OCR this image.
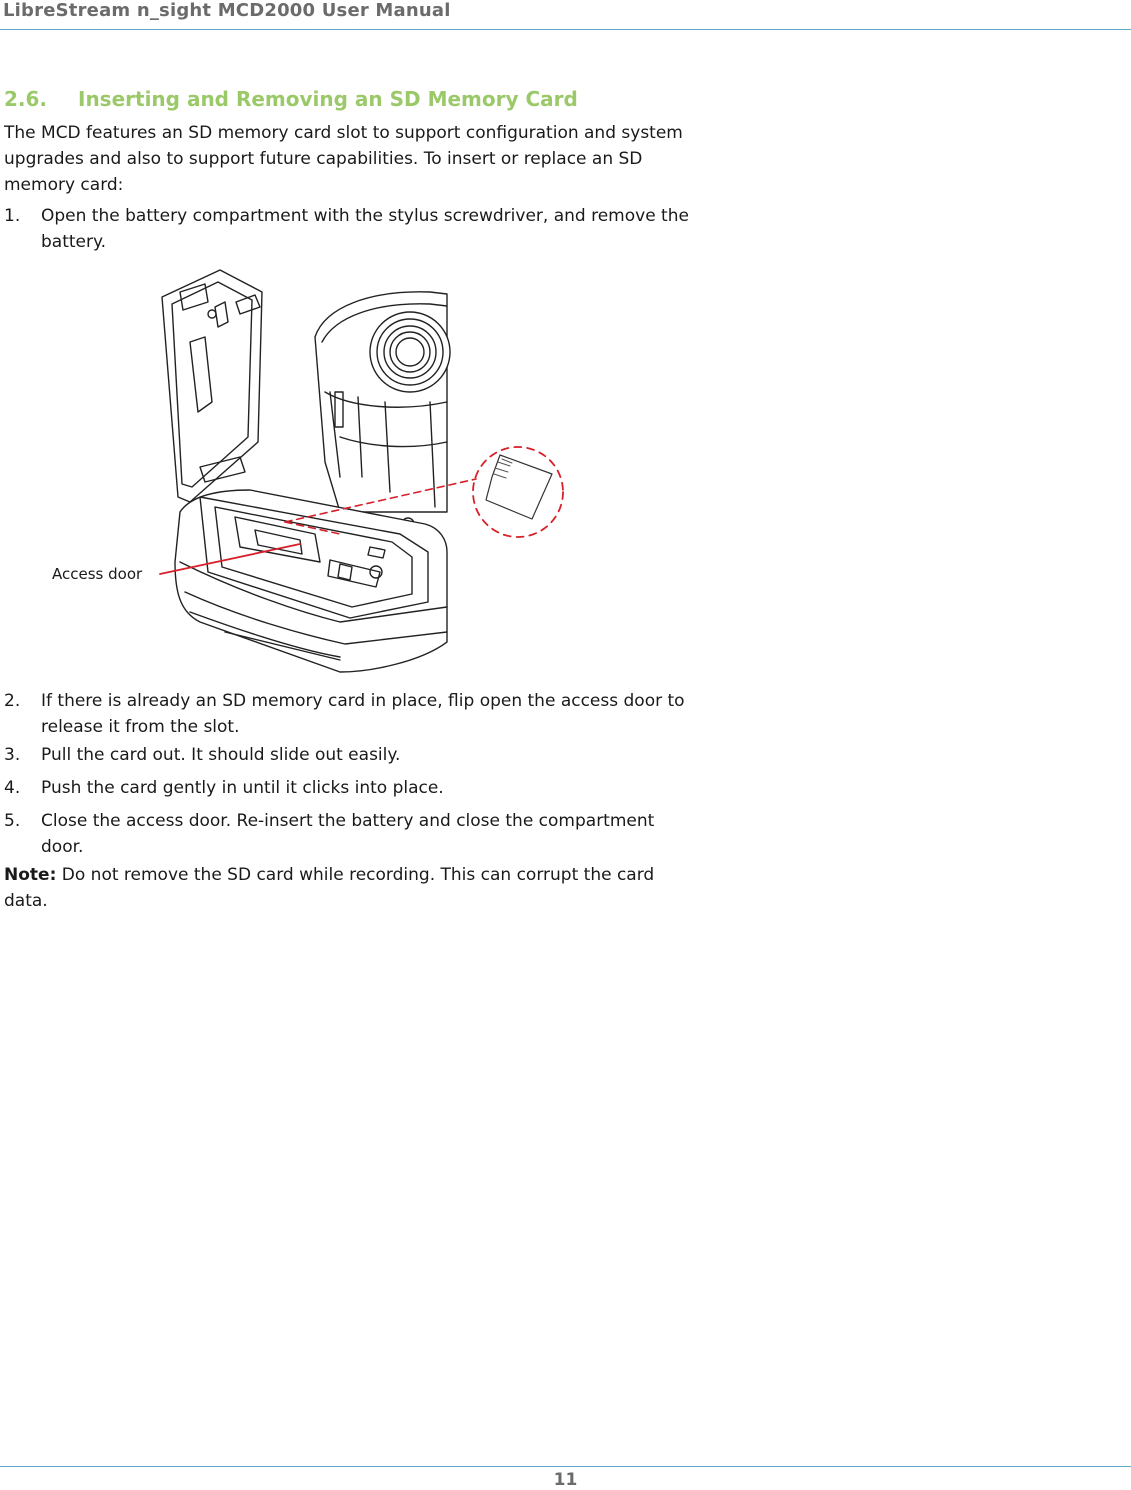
LibreStream n_sight MCD2000 User Manual
2.6. Inserting and Removing an SD Memory Card

The MCD features an SD memory card slot to support configuration and system upgrades and also to support future capabilities. To insert or replace an SD memory card:

1. Open the battery compartment with the stylus screwdriver, and remove the battery.
Access door
2. If there is already an SD memory card in place, flip open the access door to release it from the slot.
3. Pull the card out. It should slide out easily.
4. Push the card gently in until it clicks into place.
5. Close the access door. Re-insert the battery and close the compartment door.

Note: Do not remove the SD card while recording. This can corrupt the card data.

11
